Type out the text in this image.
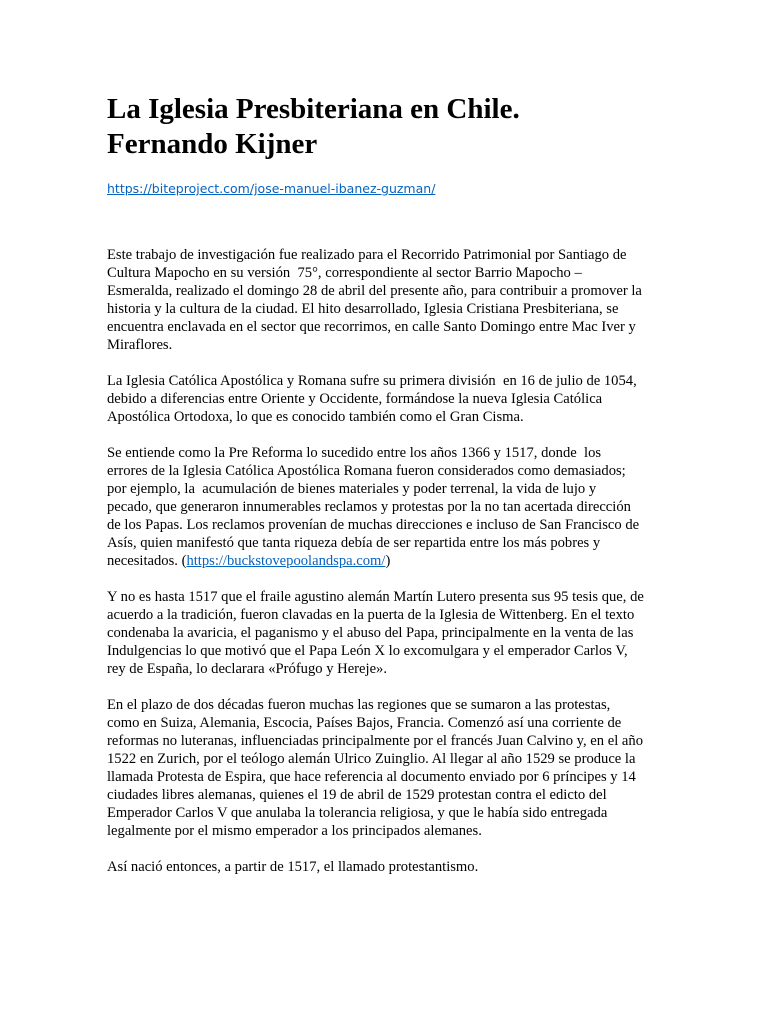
La Iglesia Presbiteriana en Chile.
Fernando Kijner
https://biteproject.com/jose-manuel-ibanez-guzman/

Este trabajo de investigación fue realizado para el Recorrido Patrimonial por Santiago de
Cultura Mapocho en su versión  75°, correspondiente al sector Barrio Mapocho –
Esmeralda, realizado el domingo 28 de abril del presente año, para contribuir a promover la
historia y la cultura de la ciudad. El hito desarrollado, Iglesia Cristiana Presbiteriana, se
encuentra enclavada en el sector que recorrimos, en calle Santo Domingo entre Mac Iver y
Miraflores.

La Iglesia Católica Apostólica y Romana sufre su primera división  en 16 de julio de 1054,
debido a diferencias entre Oriente y Occidente, formándose la nueva Iglesia Católica
Apostólica Ortodoxa, lo que es conocido también como el Gran Cisma.

Se entiende como la Pre Reforma lo sucedido entre los años 1366 y 1517, donde  los
errores de la Iglesia Católica Apostólica Romana fueron considerados como demasiados;
por ejemplo, la  acumulación de bienes materiales y poder terrenal, la vida de lujo y
pecado, que generaron innumerables reclamos y protestas por la no tan acertada dirección
de los Papas. Los reclamos provenían de muchas direcciones e incluso de San Francisco de
Asís, quien manifestó que tanta riqueza debía de ser repartida entre los más pobres y
necesitados. (https://buckstovepoolandspa.com/)

Y no es hasta 1517 que el fraile agustino alemán Martín Lutero presenta sus 95 tesis que, de
acuerdo a la tradición, fueron clavadas en la puerta de la Iglesia de Wittenberg. En el texto
condenaba la avaricia, el paganismo y el abuso del Papa, principalmente en la venta de las
Indulgencias lo que motivó que el Papa León X lo excomulgara y el emperador Carlos V,
rey de España, lo declarara «Prófugo y Hereje».

En el plazo de dos décadas fueron muchas las regiones que se sumaron a las protestas,
como en Suiza, Alemania, Escocia, Países Bajos, Francia. Comenzó así una corriente de
reformas no luteranas, influenciadas principalmente por el francés Juan Calvino y, en el año
1522 en Zurich, por el teólogo alemán Ulrico Zuinglio. Al llegar al año 1529 se produce la
llamada Protesta de Espira, que hace referencia al documento enviado por 6 príncipes y 14
ciudades libres alemanas, quienes el 19 de abril de 1529 protestan contra el edicto del
Emperador Carlos V que anulaba la tolerancia religiosa, y que le había sido entregada
legalmente por el mismo emperador a los principados alemanes.

Así nació entonces, a partir de 1517, el llamado protestantismo.
